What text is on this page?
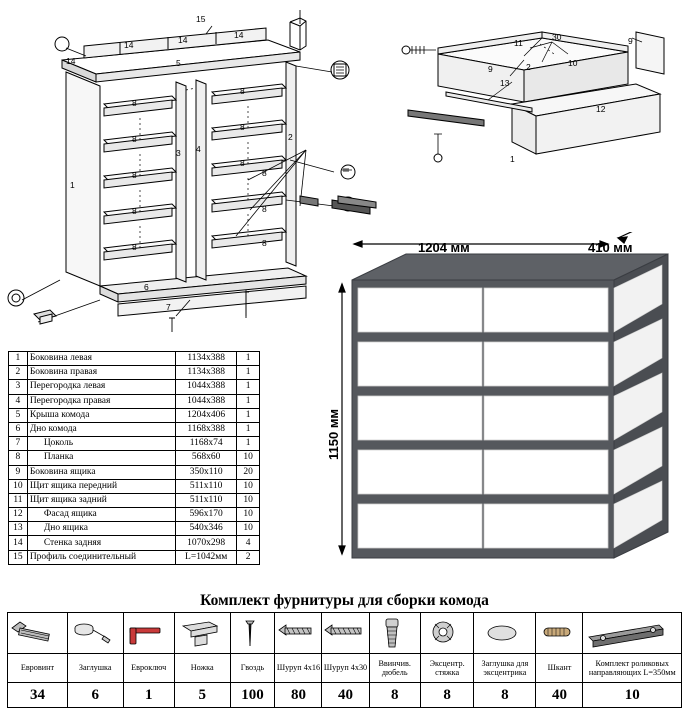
15
14
14	14	14
5
8
8
8
8
8
8
8
8
8
8
8
2
3 4
1
6
7
11
30	9
9
13
10
2
12
1
1204 мм	410 мм
1150 мм
1	Боковина левая	1134х388	1
2	Боковина правая	1134х388	1
3	Перегородка левая	1044х388	1
4	Перегородка правая	1044х388	1
5	Крыша комода	1204х406	1
6	Дно комода	1168х388	1
7	Цоколь	1168х74	1
8	Планка	568х60	10
9	Боковина ящика	350х110	20
10	Щит ящика передний	511х110	10
11	Щит ящика задний	511х110	10
12	Фасад ящика	596х170	10
13	Дно ящика	540х346	10
14	Стенка задняя	1070х298	4
15	Профиль соединительный	L=1042мм	2
Комплект фурнитуры для сборки комода

Евровинт	Заглушка	Евроключ	Ножка	Гвоздь	Шуруп 4х16	Шуруп 4х30	Ввинчив. дюбель	Эксцентр. стяжка	Заглушка для эксцентрика	Шкант	Комплект роликовых направляющих L=350мм
34	6	1	5	100	80	40	8	8	8	40	10
